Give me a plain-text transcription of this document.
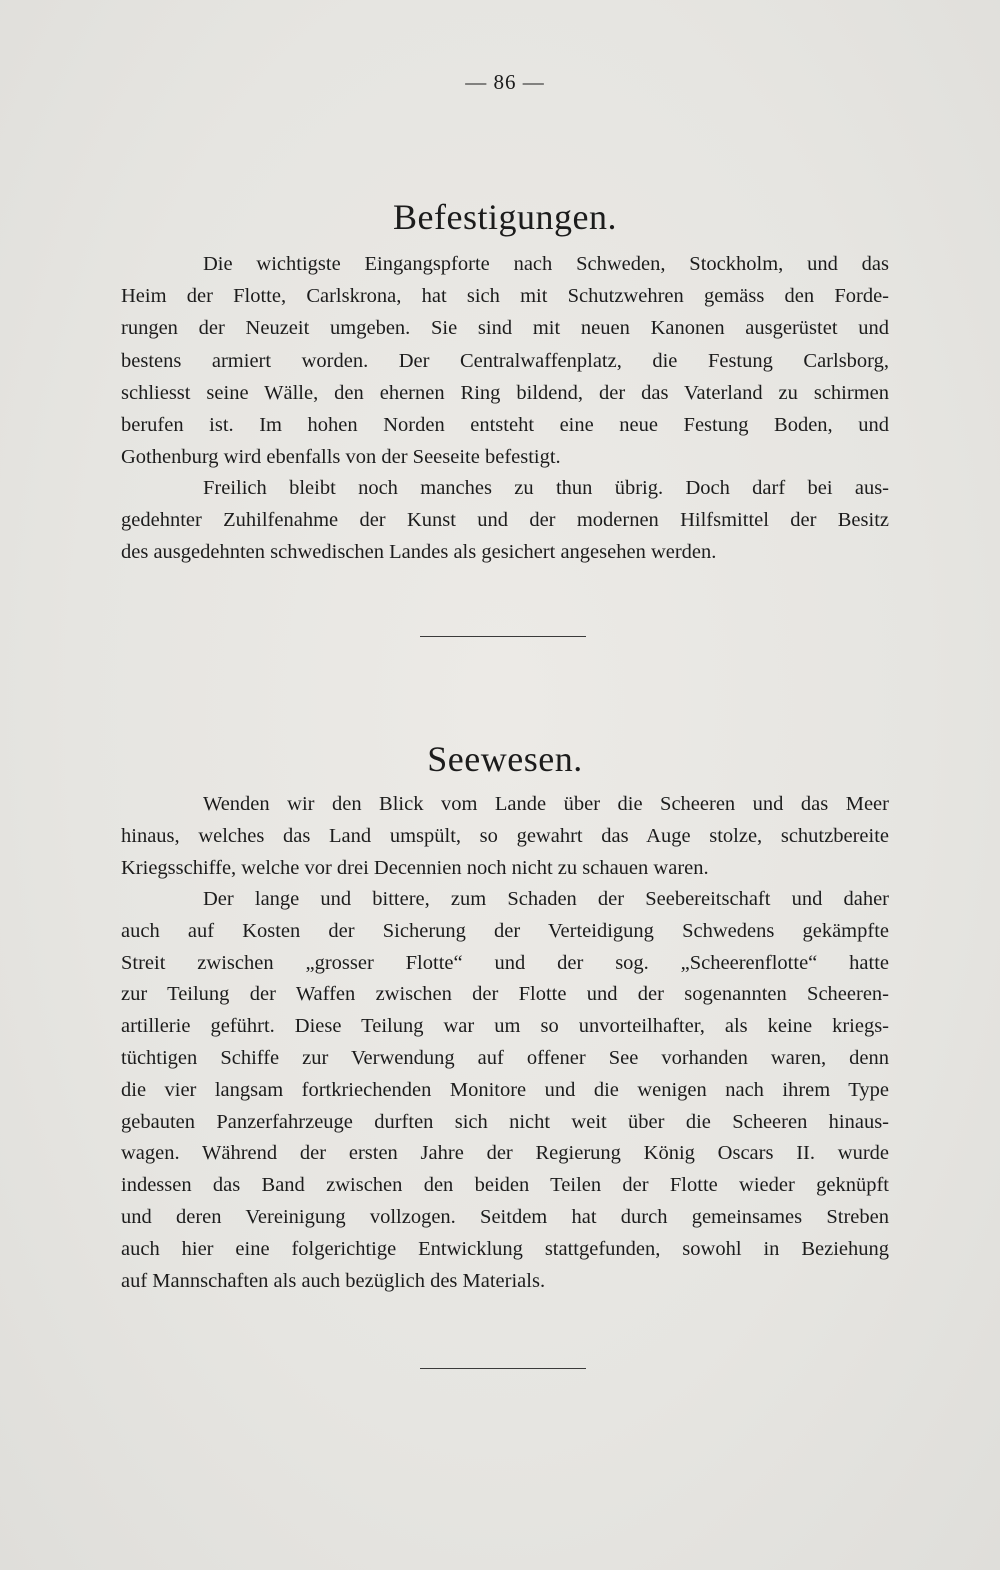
— 86 —
Befestigungen.
Die wichtigste Eingangspforte nach Schweden, Stockholm, und das
Heim der Flotte, Carlskrona, hat sich mit Schutzwehren gemäss den Forde-
rungen der Neuzeit umgeben. Sie sind mit neuen Kanonen ausgerüstet und
bestens armiert worden. Der Centralwaffenplatz, die Festung Carlsborg,
schliesst seine Wälle, den ehernen Ring bildend, der das Vaterland zu schirmen
berufen ist. Im hohen Norden entsteht eine neue Festung Boden, und
Gothenburg wird ebenfalls von der Seeseite befestigt.
Freilich bleibt noch manches zu thun übrig. Doch darf bei aus-
gedehnter Zuhilfenahme der Kunst und der modernen Hilfsmittel der Besitz
des ausgedehnten schwedischen Landes als gesichert angesehen werden.
Seewesen.
Wenden wir den Blick vom Lande über die Scheeren und das Meer
hinaus, welches das Land umspült, so gewahrt das Auge stolze, schutzbereite
Kriegsschiffe, welche vor drei Decennien noch nicht zu schauen waren.
Der lange und bittere, zum Schaden der Seebereitschaft und daher
auch auf Kosten der Sicherung der Verteidigung Schwedens gekämpfte
Streit zwischen „grosser Flotte“ und der sog. „Scheerenflotte“ hatte
zur Teilung der Waffen zwischen der Flotte und der sogenannten Scheeren-
artillerie geführt. Diese Teilung war um so unvorteilhafter, als keine kriegs-
tüchtigen Schiffe zur Verwendung auf offener See vorhanden waren, denn
die vier langsam fortkriechenden Monitore und die wenigen nach ihrem Type
gebauten Panzerfahrzeuge durften sich nicht weit über die Scheeren hinaus-
wagen. Während der ersten Jahre der Regierung König Oscars II. wurde
indessen das Band zwischen den beiden Teilen der Flotte wieder geknüpft
und deren Vereinigung vollzogen. Seitdem hat durch gemeinsames Streben
auch hier eine folgerichtige Entwicklung stattgefunden, sowohl in Beziehung
auf Mannschaften als auch bezüglich des Materials.
